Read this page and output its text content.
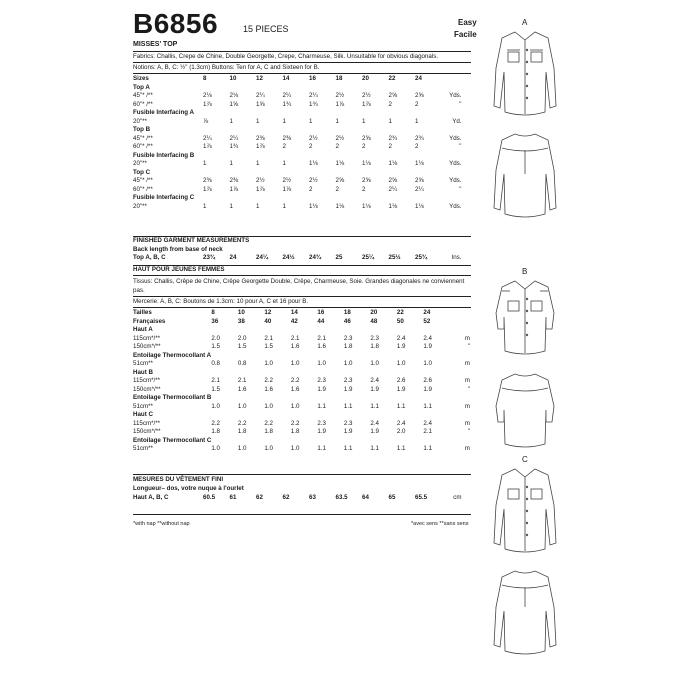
B6856	15 PIECES
Easy
Facile
MISSES' TOP
Fabrics: Challis, Crepe de Chine, Double Georgette, Crepe, Charmeuse, Silk. Unsuitable for obvious diagonals.
Notions: A, B, C: ½" (1.3cm) Buttons: Ten for A, C and Sixteen for B.
Sizes	8	10	12	14	16	18	20	22	24	
Top A										
45"* /**	2⅛	2⅛	2¼	2¼	2¼	2½	2½	2⅝	2⅝	Yds.
60"* /**	1⅞	1⅝	1⅝	1¾	1¾	1⅞	1⅞	2	2	"
Fusible Interfacing A										
20"**	⅞	1	1	1	1	1	1	1	1	Yd.
Top B										
45"* /**	2¼	2¼	2⅜	2⅜	2½	2½	2⅝	2¾	2¾	Yds.
60"* /**	1⅞	1¾	1⅞	2	2	2	2	2	2	"
Fusible Interfacing B										
20"**	1	1	1	1	1⅛	1⅛	1⅛	1⅛	1⅛	Yds.
Top C										
45"* /**	2⅜	2⅜	2½	2½	2½	2⅝	2⅝	2⅝	2⅝	Yds.
60"* /**	1⅞	1⅞	1⅞	1⅞	2	2	2	2¼	2¼	"
Fusible Interfacing C										
20"**	1	1	1	1	1⅛	1⅛	1⅛	1⅛	1⅛	Yds.
FINISHED GARMENT MEASUREMENTS
Back length from base of neck
Top A, B, C	23¾	24	24¼	24½	24¾	25	25¼	25½	25¾	Ins.
HAUT POUR JEUNES FEMMES
Tissus: Challis, Crêpe de Chine, Crêpe Georgette Double, Crêpe, Charmeuse, Soie. Grandes diagonales ne conviennent
pas.
Mercerie: A, B, C: Boutons de 1.3cm: 10 pour A, C et 16 pour B.
Tailles	8	10	12	14	16	18	20	22	24	
Françaises	36	38	40	42	44	46	48	50	52	
Haut A										
115cm*/**	2.0	2.0	2.1	2.1	2.1	2.3	2.3	2.4	2.4	m
150cm*/**	1.5	1.5	1.5	1.6	1.6	1.8	1.8	1.9	1.9	"
Entoilage Thermocollant A										
51cm**	0.8	0.8	1.0	1.0	1.0	1.0	1.0	1.0	1.0	m
Haut B										
115cm*/**	2.1	2.1	2.2	2.2	2.3	2.3	2.4	2.6	2.6	m
150cm*/**	1.5	1.6	1.6	1.6	1.9	1.9	1.9	1.9	1.9	"
Entoilage Thermocollant B										
51cm**	1.0	1.0	1.0	1.0	1.1	1.1	1.1	1.1	1.1	m
Haut C										
115cm*/**	2.2	2.2	2.2	2.2	2.3	2.3	2.4	2.4	2.4	m
150cm*/**	1.8	1.8	1.8	1.8	1.9	1.9	1.9	2.0	2.1	"
Entoilage Thermocollant C										
51cm**	1.0	1.0	1.0	1.0	1.1	1.1	1.1	1.1	1.1	m
MESURES DU VÊTEMENT FINI
Longueur– dos, votre nuque à l'ourlet
Haut A, B, C	60.5	61	62	62	63	63.5	64	65	65.5	cm
*with nap **without nap	*avec sens **sans sens
A
B
C
